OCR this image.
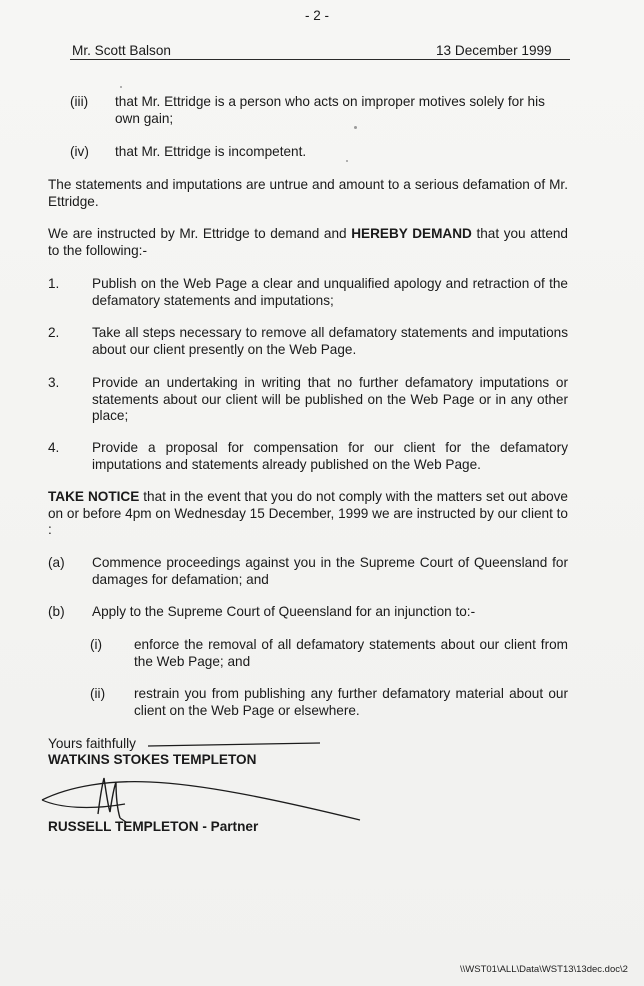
- 2 -
Mr. Scott Balson	13 December 1999
(iii) that Mr. Ettridge is a person who acts on improper motives solely for his own gain;
(iv) that Mr. Ettridge is incompetent.
The statements and imputations are untrue and amount to a serious defamation of Mr. Ettridge.
We are instructed by Mr. Ettridge to demand and HEREBY DEMAND that you attend to the following:-
1. Publish on the Web Page a clear and unqualified apology and retraction of the defamatory statements and imputations;
2. Take all steps necessary to remove all defamatory statements and imputations about our client presently on the Web Page.
3. Provide an undertaking in writing that no further defamatory imputations or statements about our client will be published on the Web Page or in any other place;
4. Provide a proposal for compensation for our client for the defamatory imputations and statements already published on the Web Page.
TAKE NOTICE that in the event that you do not comply with the matters set out above on or before 4pm on Wednesday 15 December, 1999 we are instructed by our client to :
(a) Commence proceedings against you in the Supreme Court of Queensland for damages for defamation; and
(b) Apply to the Supreme Court of Queensland for an injunction to:-
(i) enforce the removal of all defamatory statements about our client from the Web Page; and
(ii) restrain you from publishing any further defamatory material about our client on the Web Page or elsewhere.
Yours faithfully
WATKINS STOKES TEMPLETON
RUSSELL TEMPLETON - Partner
\\WST01\ALL\Data\WST13\13dec.doc\2
